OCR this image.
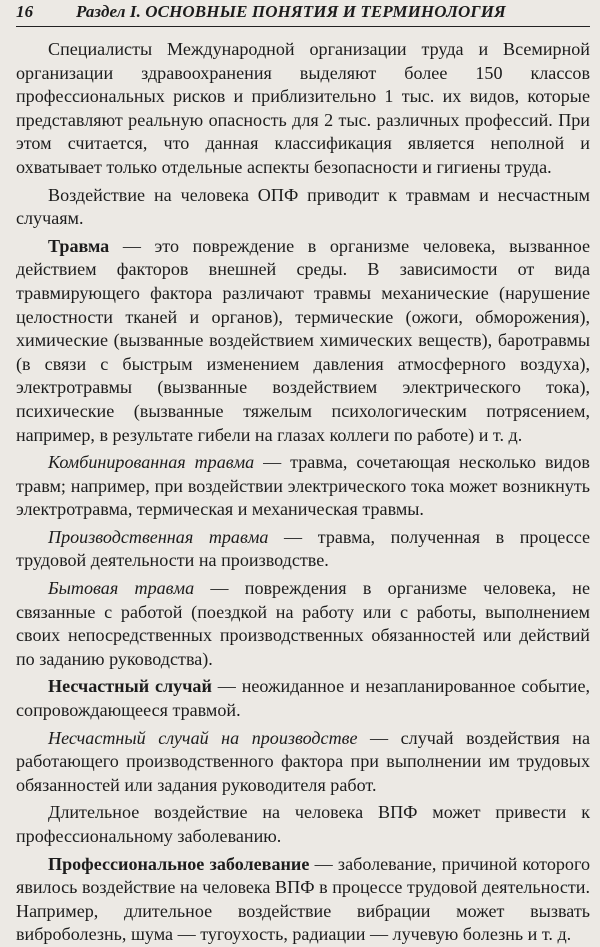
16	Раздел I. ОСНОВНЫЕ ПОНЯТИЯ И ТЕРМИНОЛОГИЯ

Специалисты Международной организации труда и Всемирной организации здравоохранения выделяют более 150 классов профессиональных рисков и приблизительно 1 тыс. их видов, которые представляют реальную опасность для 2 тыс. различных профессий. При этом считается, что данная классификация является неполной и охватывает только отдельные аспекты безопасности и гигиены труда.

Воздействие на человека ОПФ приводит к травмам и несчастным случаям.

Травма — это повреждение в организме человека, вызванное действием факторов внешней среды. В зависимости от вида травмирующего фактора различают травмы механические (нарушение целостности тканей и органов), термические (ожоги, обморожения), химические (вызванные воздействием химических веществ), баротравмы (в связи с быстрым изменением давления атмосферного воздуха), электротравмы (вызванные воздействием электрического тока), психические (вызванные тяжелым психологическим потрясением, например, в результате гибели на глазах коллеги по работе) и т. д.

Комбинированная травма — травма, сочетающая несколько видов травм; например, при воздействии электрического тока может возникнуть электротравма, термическая и механическая травмы.

Производственная травма — травма, полученная в процессе трудовой деятельности на производстве.

Бытовая травма — повреждения в организме человека, не связанные с работой (поездкой на работу или с работы, выполнением своих непосредственных производственных обязанностей или действий по заданию руководства).

Несчастный случай — неожиданное и незапланированное событие, сопровождающееся травмой.

Несчастный случай на производстве — случай воздействия на работающего производственного фактора при выполнении им трудовых обязанностей или задания руководителя работ.

Длительное воздействие на человека ВПФ может привести к профессиональному заболеванию.

Профессиональное заболевание — заболевание, причиной которого явилось воздействие на человека ВПФ в процессе трудовой деятельности. Например, длительное воздействие вибрации может вызвать виброболезнь, шума — тугоухость, радиации — лучевую болезнь и т. д.
